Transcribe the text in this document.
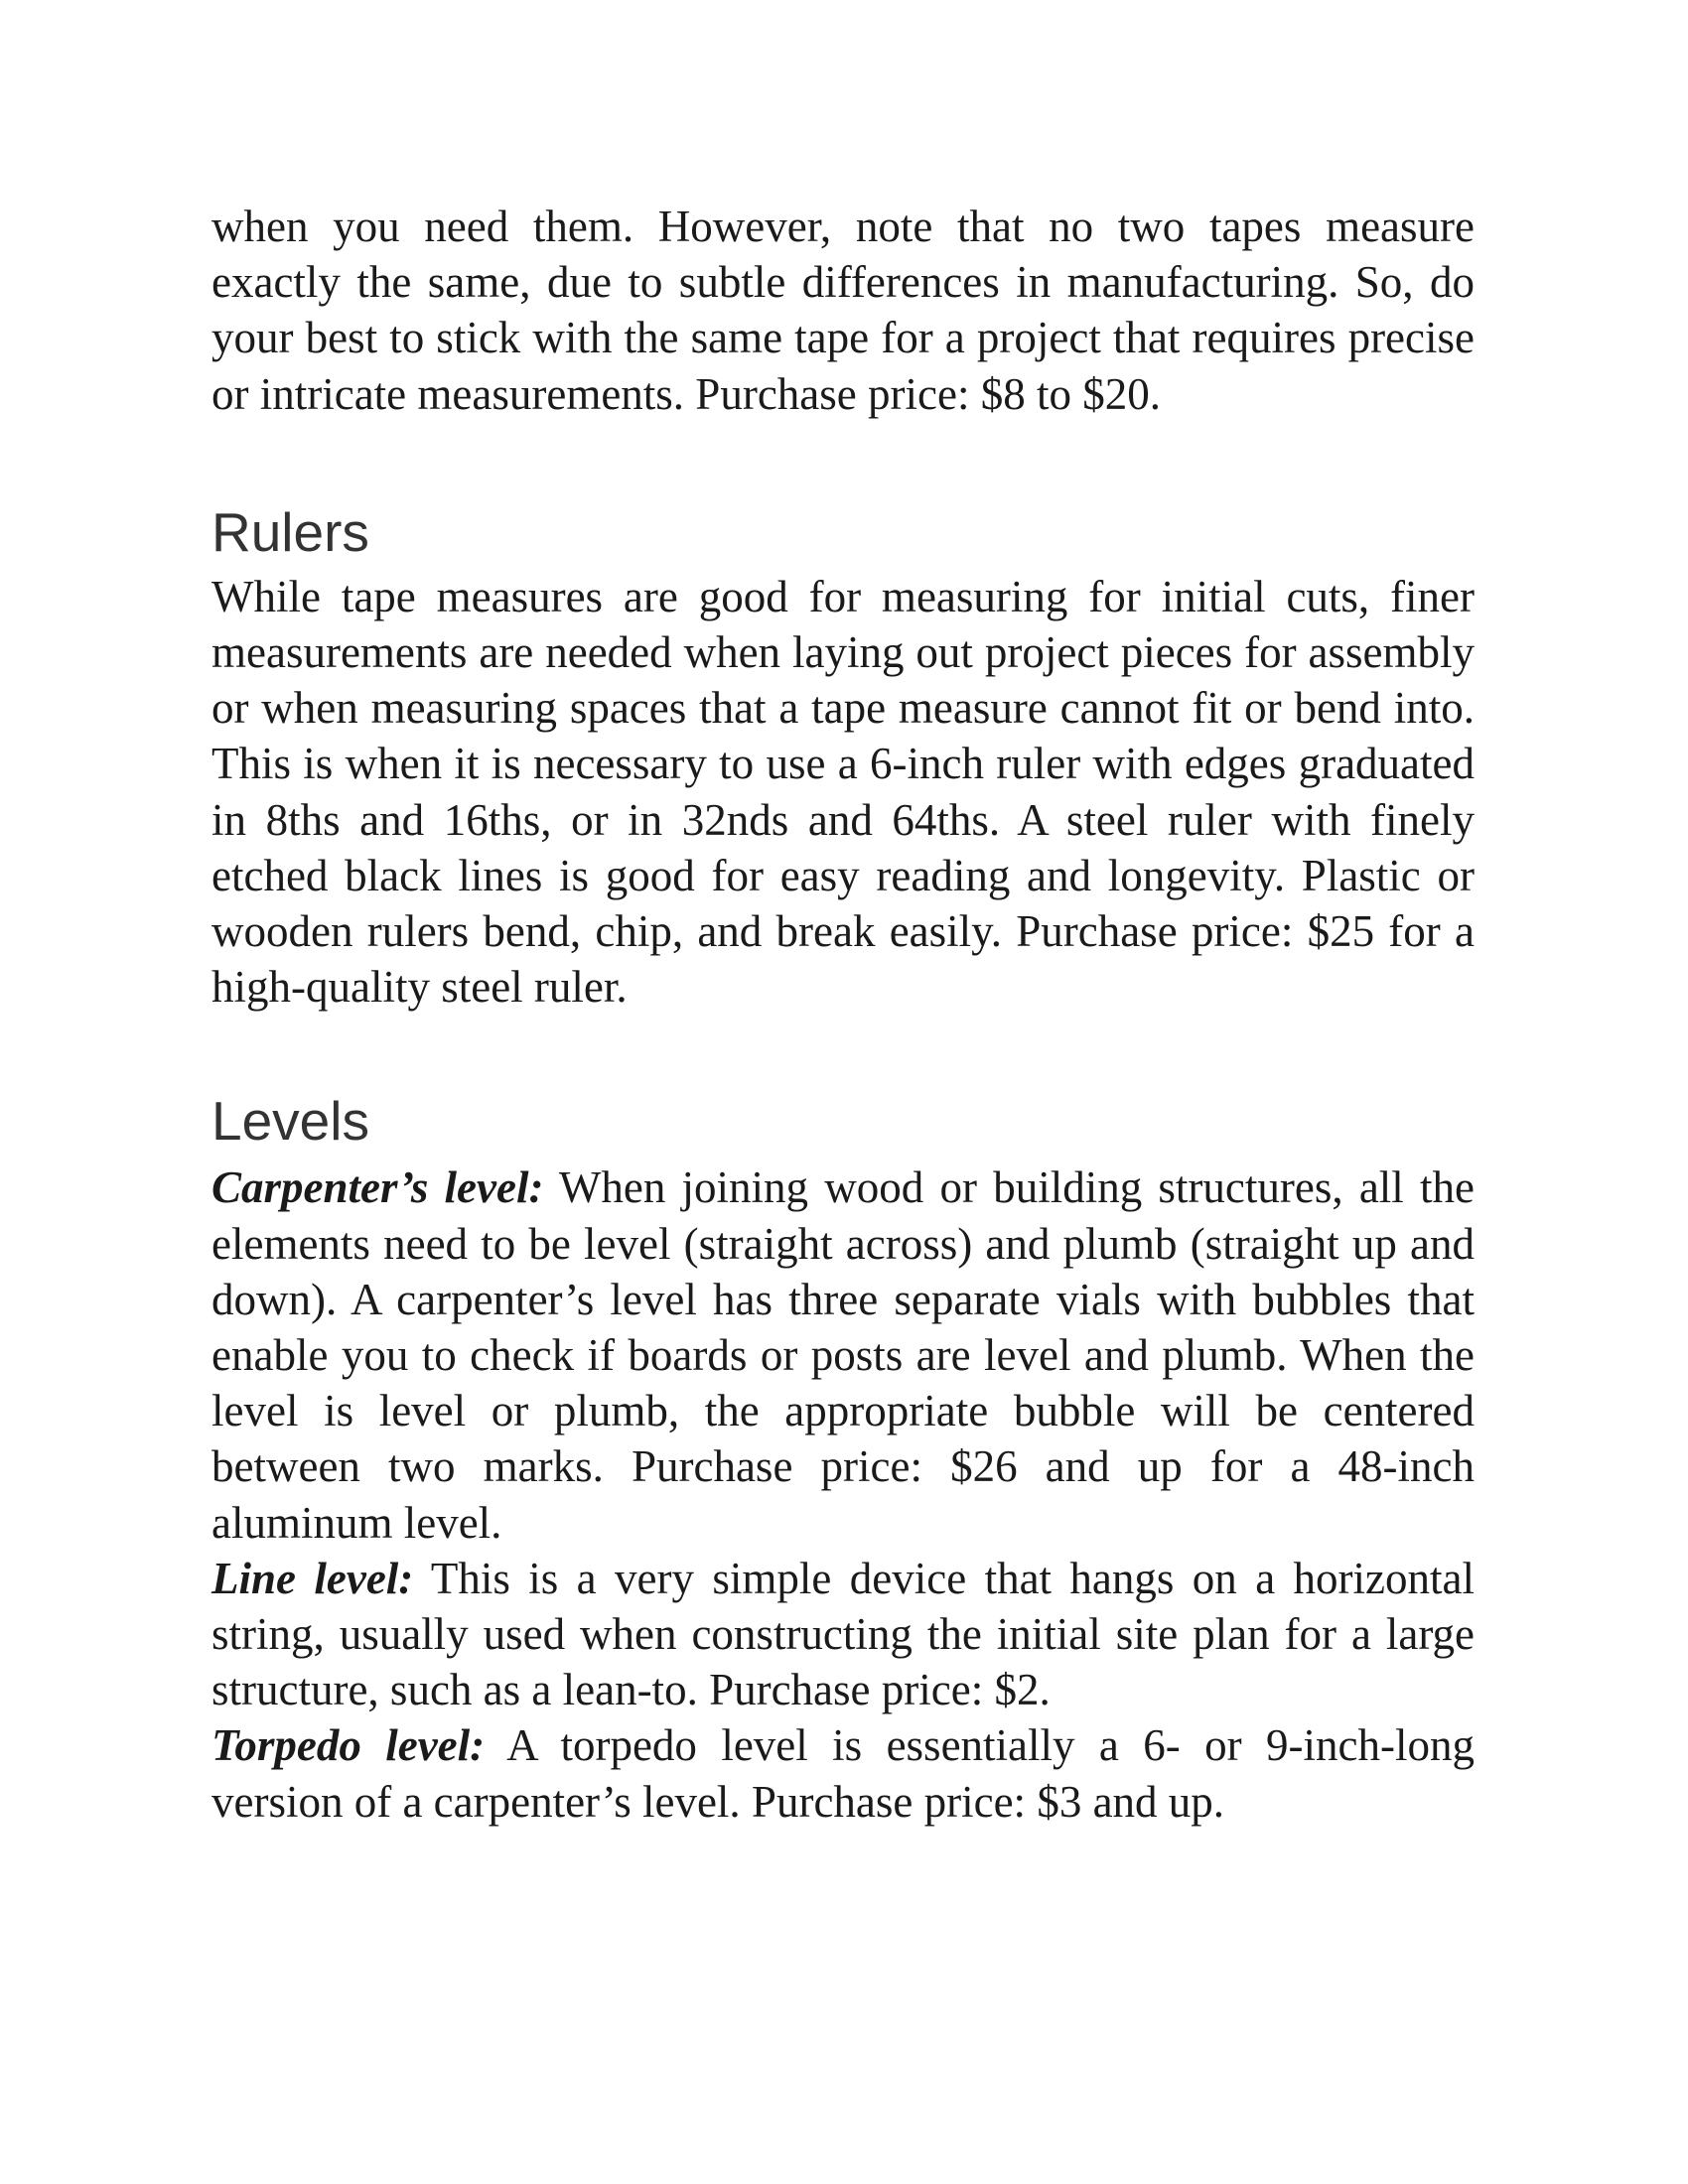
when you need them. However, note that no two tapes measure exactly the same, due to subtle differences in manufacturing. So, do your best to stick with the same tape for a project that requires precise or intricate measurements. Purchase price: $8 to $20.

Rulers

While tape measures are good for measuring for initial cuts, finer measurements are needed when laying out project pieces for assembly or when measuring spaces that a tape measure cannot fit or bend into. This is when it is necessary to use a 6-inch ruler with edges graduated in 8ths and 16ths, or in 32nds and 64ths. A steel ruler with finely etched black lines is good for easy reading and longevity. Plastic or wooden rulers bend, chip, and break easily. Purchase price: $25 for a high-quality steel ruler.

Levels

Carpenter’s level: When joining wood or building structures, all the elements need to be level (straight across) and plumb (straight up and down). A carpenter’s level has three separate vials with bubbles that enable you to check if boards or posts are level and plumb. When the level is level or plumb, the appropriate bubble will be centered between two marks. Purchase price: $26 and up for a 48-inch aluminum level.

Line level: This is a very simple device that hangs on a horizontal string, usually used when constructing the initial site plan for a large structure, such as a lean-to. Purchase price: $2.

Torpedo level: A torpedo level is essentially a 6- or 9-inch-long version of a carpenter’s level. Purchase price: $3 and up.
